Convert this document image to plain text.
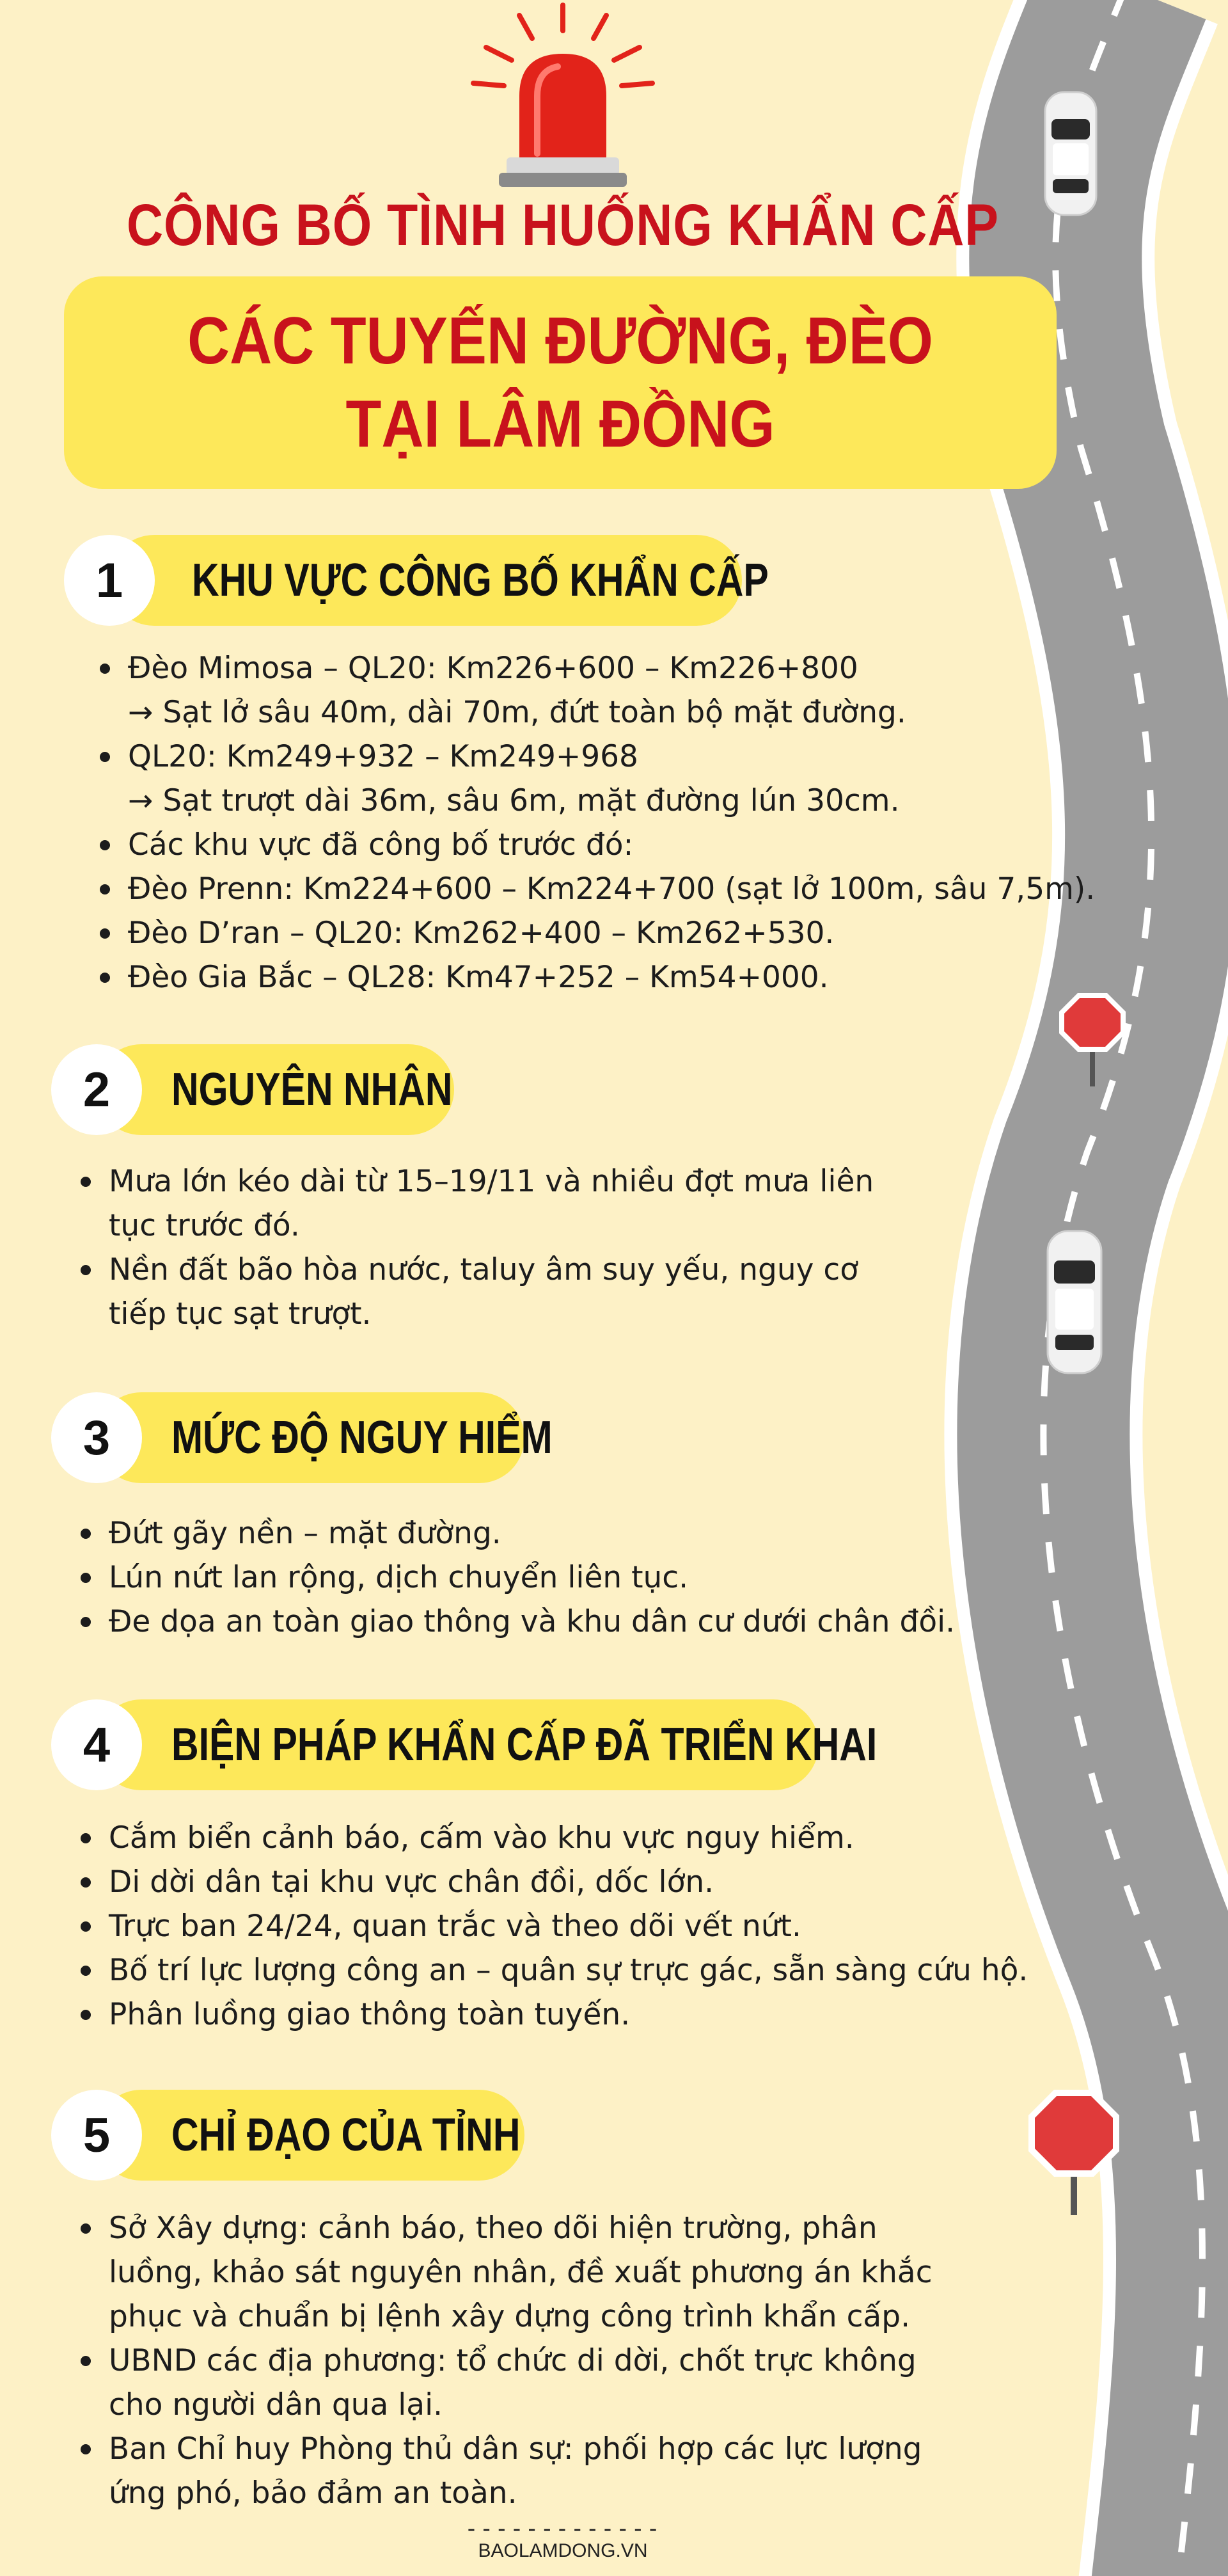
CÔNG BỐ TÌNH HUỐNG KHẨN CẤP
CÁC TUYẾN ĐƯỜNG, ĐÈO
TẠI LÂM ĐỒNG
1	KHU VỰC CÔNG BỐ KHẨN CẤP
Đèo Mimosa – QL20: Km226+600 – Km226+800
→ Sạt lở sâu 40m, dài 70m, đứt toàn bộ mặt đường.
QL20: Km249+932 – Km249+968
→ Sạt trượt dài 36m, sâu 6m, mặt đường lún 30cm.
Các khu vực đã công bố trước đó:
Đèo Prenn: Km224+600 – Km224+700 (sạt lở 100m, sâu 7,5m).
Đèo D’ran – QL20: Km262+400 – Km262+530.
Đèo Gia Bắc – QL28: Km47+252 – Km54+000.
2	NGUYÊN NHÂN
Mưa lớn kéo dài từ 15–19/11 và nhiều đợt mưa liên
tục trước đó.
Nền đất bão hòa nước, taluy âm suy yếu, nguy cơ
tiếp tục sạt trượt.
3	MỨC ĐỘ NGUY HIỂM
Đứt gãy nền – mặt đường.
Lún nứt lan rộng, dịch chuyển liên tục.
Đe dọa an toàn giao thông và khu dân cư dưới chân đồi.
4	BIỆN PHÁP KHẨN CẤP ĐÃ TRIỂN KHAI
Cắm biển cảnh báo, cấm vào khu vực nguy hiểm.
Di dời dân tại khu vực chân đồi, dốc lớn.
Trực ban 24/24, quan trắc và theo dõi vết nứt.
Bố trí lực lượng công an – quân sự trực gác, sẵn sàng cứu hộ.
Phân luồng giao thông toàn tuyến.
5	CHỈ ĐẠO CỦA TỈNH
Sở Xây dựng: cảnh báo, theo dõi hiện trường, phân
luồng, khảo sát nguyên nhân, đề xuất phương án khắc
phục và chuẩn bị lệnh xây dựng công trình khẩn cấp.
UBND các địa phương: tổ chức di dời, chốt trực không
cho người dân qua lại.
Ban Chỉ huy Phòng thủ dân sự: phối hợp các lực lượng
ứng phó, bảo đảm an toàn.
-------------
BAOLAMDONG.VN
